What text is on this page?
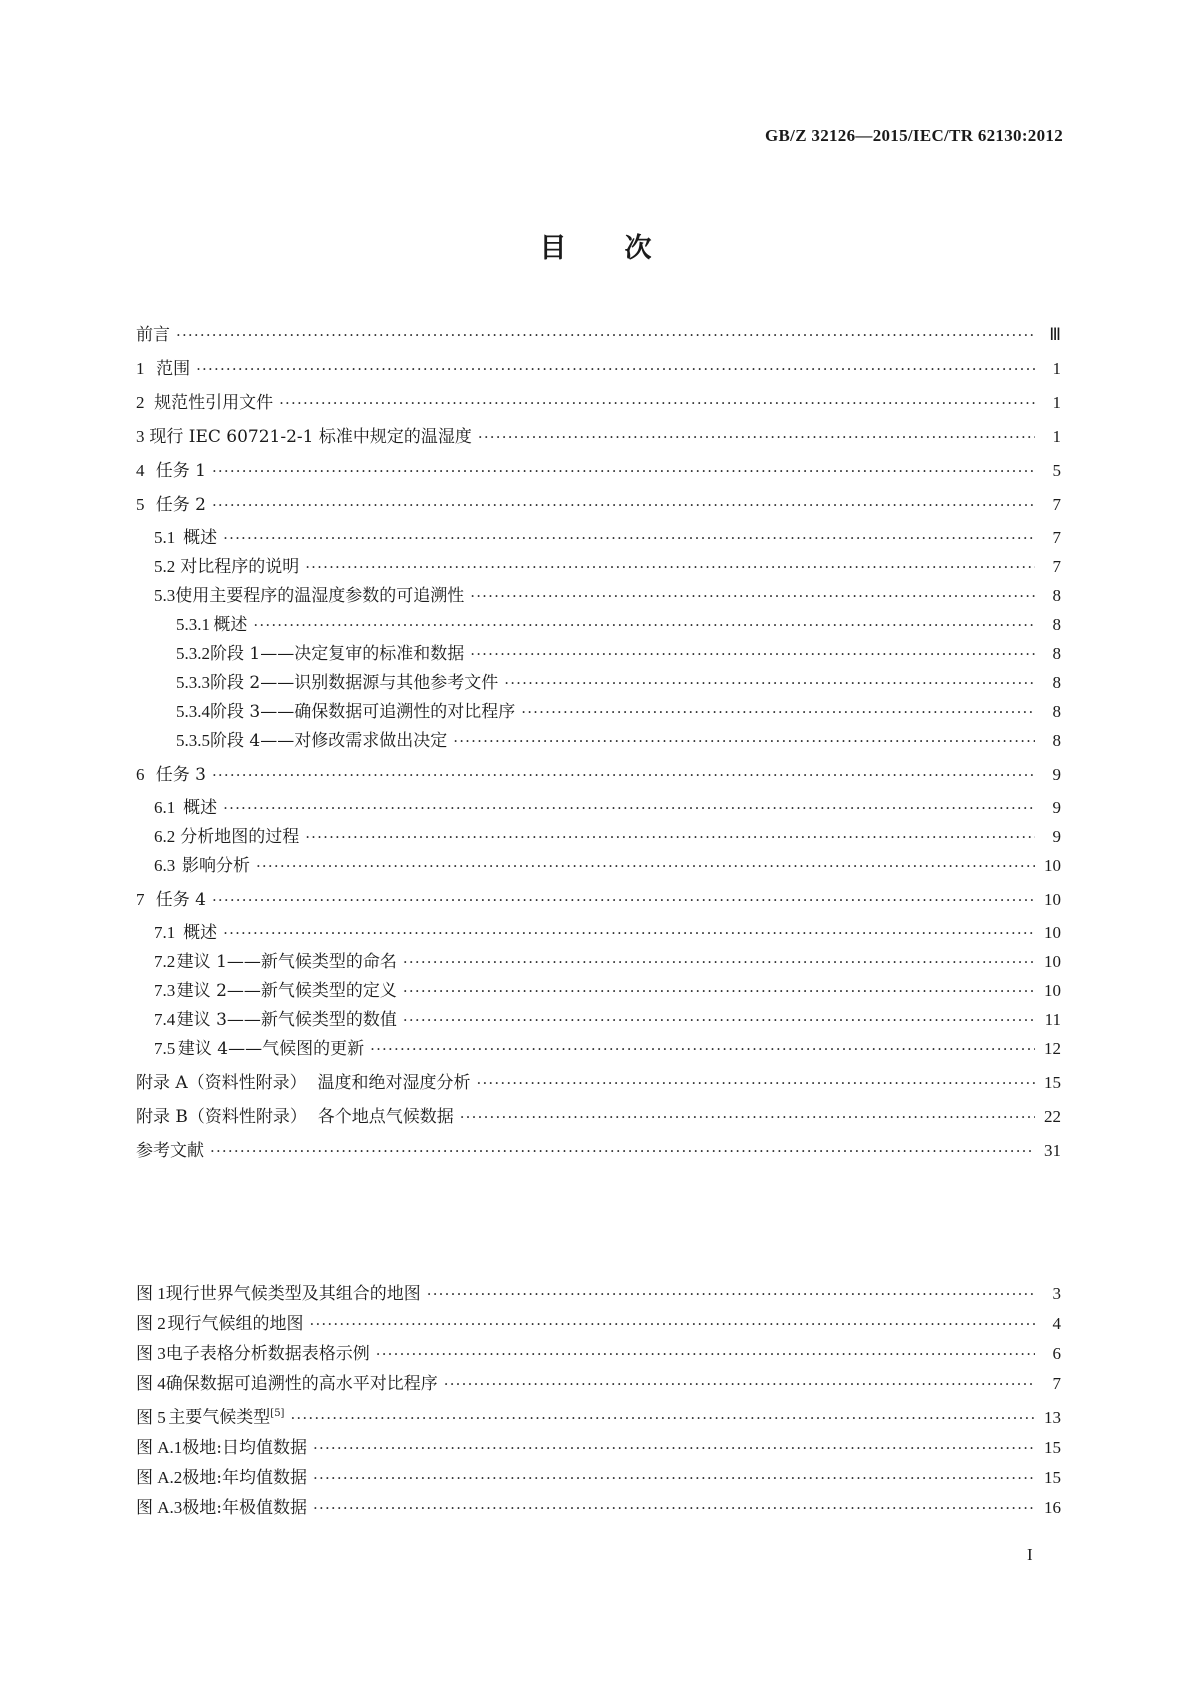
GB/Z 32126—2015/IEC/TR 62130:2012
目次
前言 ·····	Ⅲ
1 范围 ·····	1
2 规范性引用文件 ·····	1
3 现行 IEC 60721-2-1 标准中规定的温湿度 ·····	1
4 任务 1 ·····	5
5 任务 2 ·····	7
5.1 概述 ·····	7
5.2 对比程序的说明 ·····	7
5.3 使用主要程序的温湿度参数的可追溯性 ·····	8
5.3.1 概述 ·····	8
5.3.2 阶段 1——决定复审的标准和数据 ·····	8
5.3.3 阶段 2——识别数据源与其他参考文件 ·····	8
5.3.4 阶段 3——确保数据可追溯性的对比程序 ·····	8
5.3.5 阶段 4——对修改需求做出决定 ·····	8
6 任务 3 ·····	9
6.1 概述 ·····	9
6.2 分析地图的过程 ·····	9
6.3 影响分析 ·····	10
7 任务 4 ·····	10
7.1 概述 ·····	10
7.2 建议 1——新气候类型的命名 ·····	10
7.3 建议 2——新气候类型的定义 ·····	10
7.4 建议 3——新气候类型的数值 ·····	11
7.5 建议 4——气候图的更新 ·····	12
附录 A（资料性附录）  温度和绝对湿度分析 ·····	15
附录 B（资料性附录）  各个地点气候数据 ·····	22
参考文献 ·····	31
图 1 现行世界气候类型及其组合的地图 ·····	3
图 2 现行气候组的地图 ·····	4
图 3 电子表格分析数据表格示例 ·····	6
图 4 确保数据可追溯性的高水平对比程序 ·····	7
图 5 主要气候类型[5] ·····	13
图 A.1 极地:日均值数据 ·····	15
图 A.2 极地:年均值数据 ·····	15
图 A.3 极地:年极值数据 ·····	16
I
